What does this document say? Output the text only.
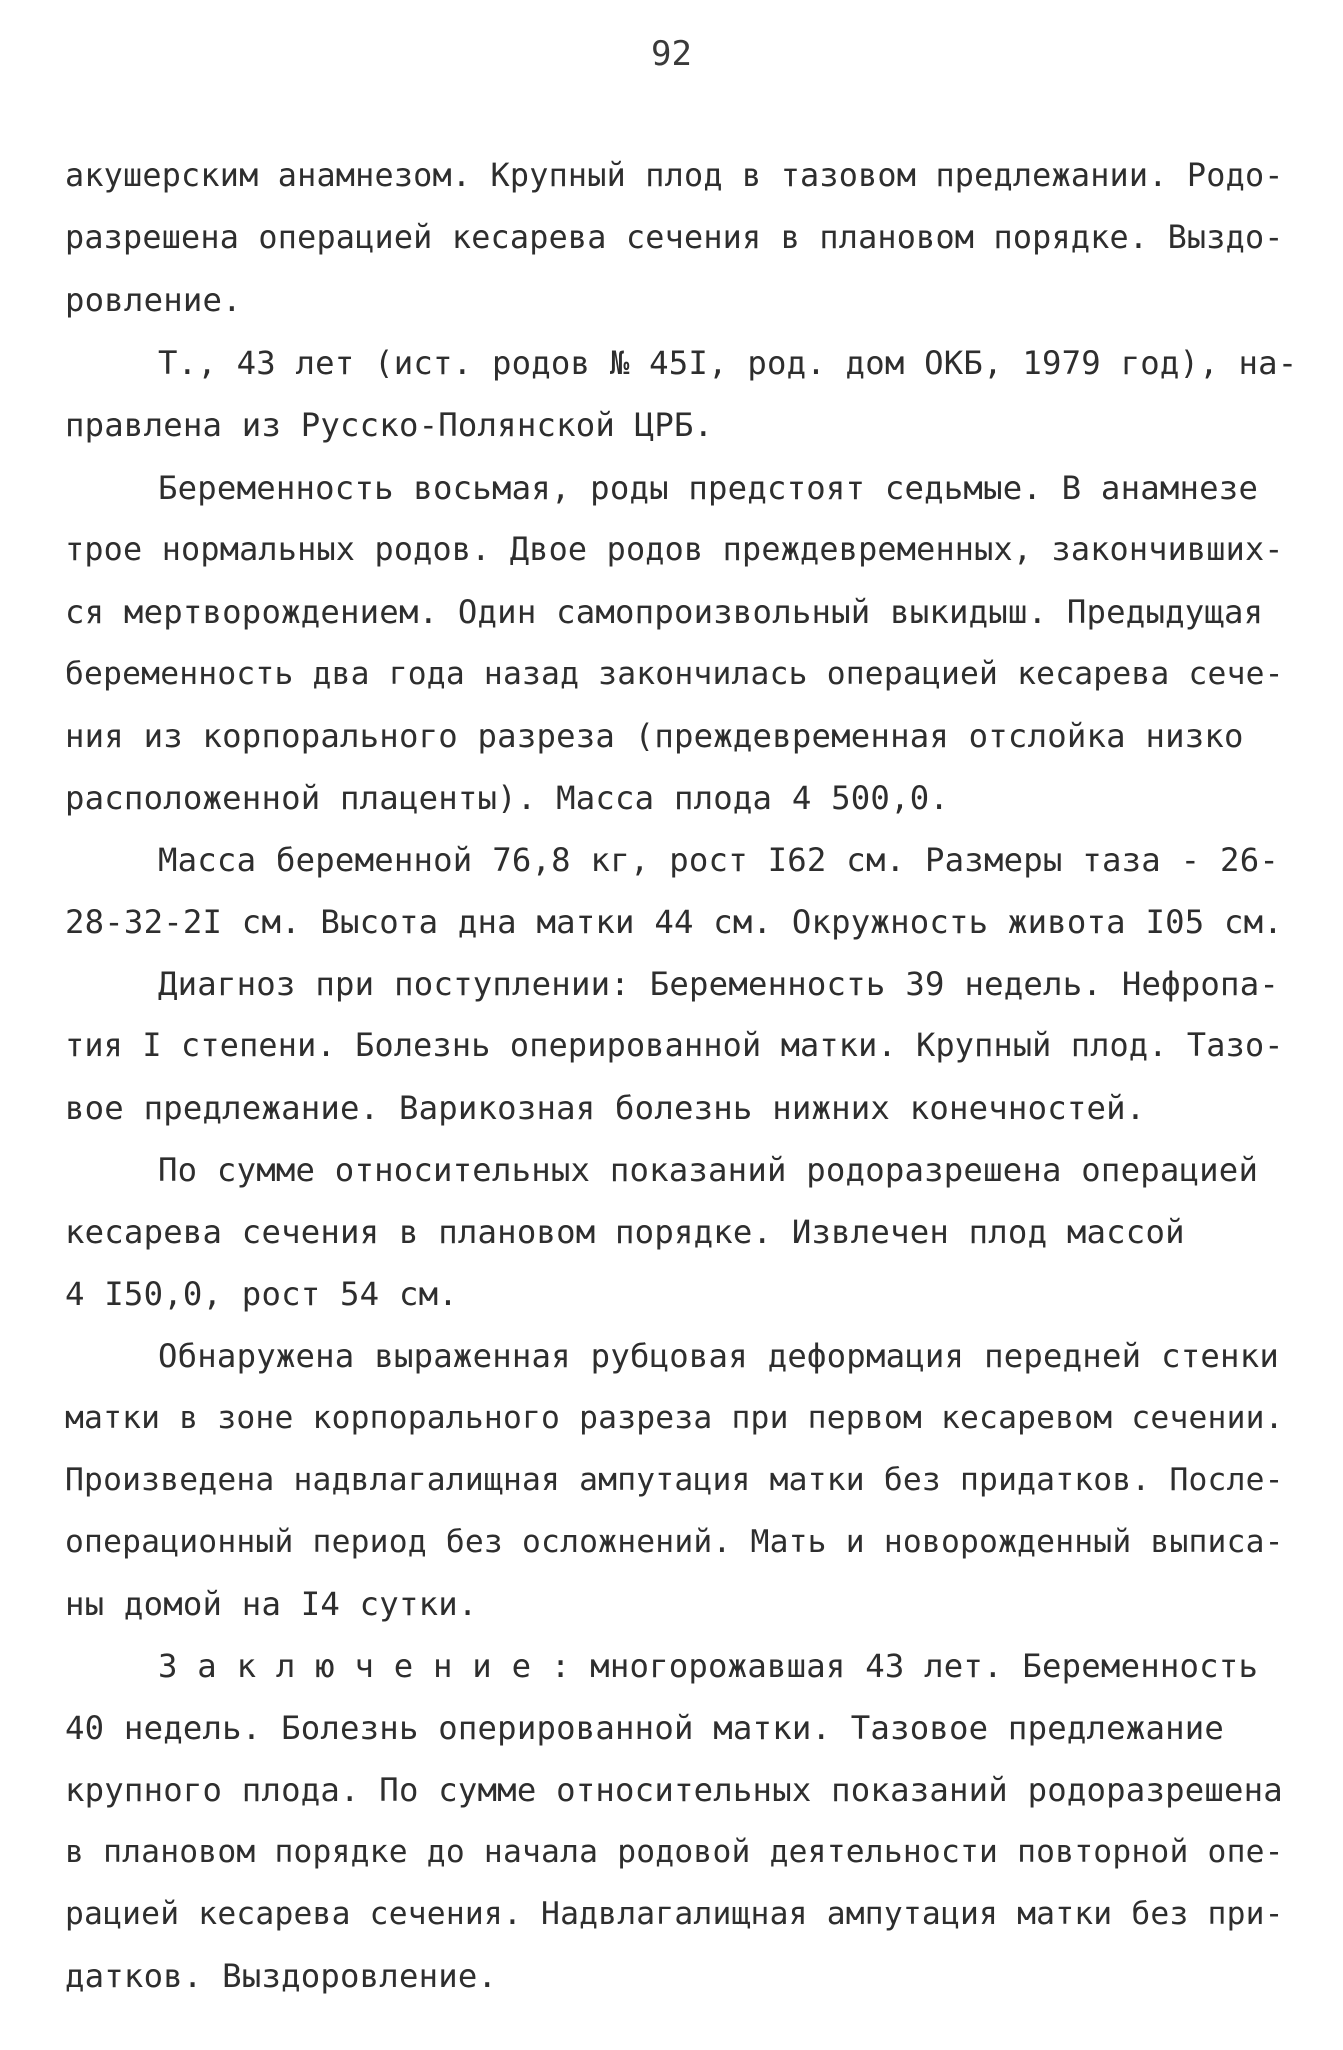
92
акушерским анамнезом. Крупный плод в тазовом предлежании. Родо-
разрешена операцией кесарева сечения в плановом порядке. Выздо-
ровление.
Т., 43 лет (ист. родов № 45I, род. дом ОКБ, 1979 год), на-
правлена из Русско-Полянской ЦРБ.
Беременность восьмая, роды предстоят седьмые. В анамнезе
трое нормальных родов. Двое родов преждевременных, закончивших-
ся мертворождением. Один самопроизвольный выкидыш. Предыдущая
беременность два года назад закончилась операцией кесарева сече-
ния из корпорального разреза (преждевременная отслойка низко
расположенной плаценты). Масса плода 4 500,0.
Масса беременной 76,8 кг, рост I62 см. Размеры таза - 26-
28-32-2I см. Высота дна матки 44 см. Окружность живота I05 см.
Диагноз при поступлении: Беременность 39 недель. Нефропа-
тия I степени. Болезнь оперированной матки. Крупный плод. Тазо-
вое предлежание. Варикозная болезнь нижних конечностей.
По сумме относительных показаний родоразрешена операцией
кесарева сечения в плановом порядке. Извлечен плод массой
4 I50,0, рост 54 см.
Обнаружена выраженная рубцовая деформация передней стенки
матки в зоне корпорального разреза при первом кесаревом сечении.
Произведена надвлагалищная ампутация матки без придатков. После-
операционный период без осложнений. Мать и новорожденный выписа-
ны домой на I4 сутки.
З а к л ю ч е н и е : многорожавшая 43 лет. Беременность
40 недель. Болезнь оперированной матки. Тазовое предлежание
крупного плода. По сумме относительных показаний родоразрешена
в плановом порядке до начала родовой деятельности повторной опе-
рацией кесарева сечения. Надвлагалищная ампутация матки без при-
датков. Выздоровление.
